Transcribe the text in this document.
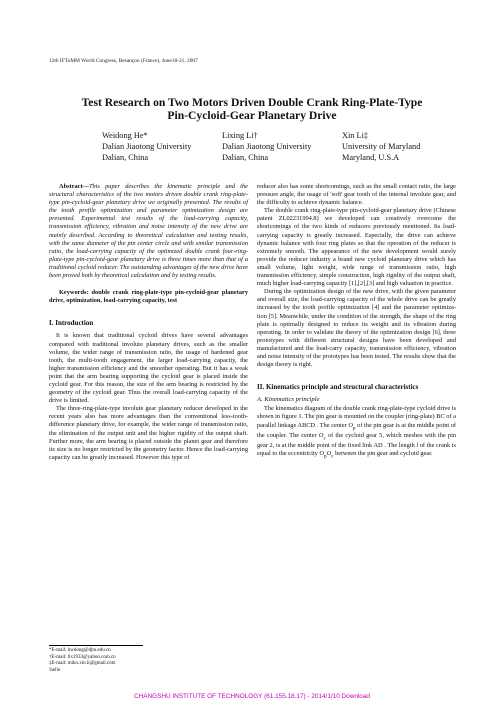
12th IFToMM World Congress, Besançon (France), June18-21, 2007
Test Research on Two Motors Driven Double Crank Ring-Plate-Type
Pin-Cycloid-Gear Planetary Drive
Weidong He*
Dalian Jiaotong University
Dalian, China
Lixing Li†
Dalian Jiaotong University
Dalian, China
Xin Li‡
University of Maryland
Maryland, U.S.A

Abstract—This paper describes the kinematic principle and the structural characteristics of the two motors driven double crank ring-plate-type pin-cycloid-gear planetary drive we originally presented. The results of the tooth profile optimization and parameter optimization design are presented. Experimental test results of the load-carrying capacity, transmission efficiency, vibration and noise intensity of the new drive are mainly described. According to theoretical calculation and testing results, with the same diameter of the pin center circle and with similar transmission ratio, the load-carrying capacity of the optimized double crank four-ring-plate-type pin-cycloid-gear planetary drive is three times more than that of a traditional cycloid reducer. The outstanding advantages of the new drive have been proved both by theoretical calculation and by testing results.

Keywords: double crank ring-plate-type pin-cycloid-gear planetary drive, optimization, load-carrying capacity, test

I. Introduction

It is known that traditional cycloid drives have several advantages compared with traditional involute planetary drives, such as the smaller volume, the wider range of transmission ratio, the usage of hardened gear tooth, the multi-tooth engagement, the larger load-carrying capacity, the higher transmission efficiency and the smoother operating. But it has a weak point that the arm bearing supporting the cycloid gear is placed inside the cycloid gear. For this reason, the size of the arm bearing is restricted by the geometry of the cycloid gear. Thus the overall load-carrying capacity of the drive is limited.

The three-ring-plate-type involute gear planetary reducer developed in the recent years also has more advantages than the conventional less-tooth-difference planetary drive, for example, the wider range of transmission ratio, the elimination of the output unit and the higher rigidity of the output shaft. Further more, the arm bearing is placed outside the planet gear and therefore its size is no longer restricted by the geometry factor. Hence the load-carrying capacity can be greatly increased. However this type of

reducer also has some shortcomings, such as the small contact ratio, the large pressure angle, the usage of 'soft' gear tooth of the internal involute gear, and the difficulty to achieve dynamic balance.

The double crank ring-plate-type pin-cycloid-gear planetary drive (Chinese patent ZL02231994.8) we developed can creatively overcome the shortcomings of the two kinds of reducers previously mentioned. Its load-carrying capacity is greatly increased. Especially, the drive can achieve dynamic balance with four ring plates so that the operation of the reducer is extremely smooth. The appearance of the new development would surely provide the reducer industry a brand new cycloid planetary drive which has small volume, light weight, wide range of transmission ratio, high transmission efficiency, simple construction, high rigidity of the output shaft, much higher load-carrying capacity [1],[2],[3] and high valuation in practice.

During the optimization design of the new drive, with the given parameter and overall size, the load-carrying capacity of the whole drive can be greatly increased by the tooth profile optimization [4] and the parameter optimiza-tion [5]. Meanwhile, under the condition of the strength, the shape of the ring plate is optimally designed to reduce its weight and its vibration during operating. In order to validate the theory of the optimization design [6], three prototypes with different structural designs have been developed and manufactured and the load-carry capacity, transmission efficiency, vibration and noise intensity of the prototypes has been tested. The results show that the design theory is right.

II. Kinematics principle and structural characteristics

A. Kinematics principle

The kinematics diagram of the double crank ring-plate-type cycloid drive is shown in figure 1. The pin gear is mounted on the coupler (ring-plate) BC of a parallel linkage ABCD . The center $O_p$ of the pin gear is at the middle point of the coupler. The center $O_c$ of the cycloid gear 5, which meshes with the pin gear 2, is at the middle point of the fixed link AD . The length l of the crank is equal to the eccentricity $O_pO_c$ between the pin gear and cycloid gear.

*E-mail: hwdong@djtu.edu.cn
†E-mail: llx1933@yahoo.com.cn
‡E-mail: miko.xin.li@gmail.com
\hello
CHANGSHU INSTITUTE OF TECHNOLOGY (61.155.18.17) - 2014/1/10 Download
